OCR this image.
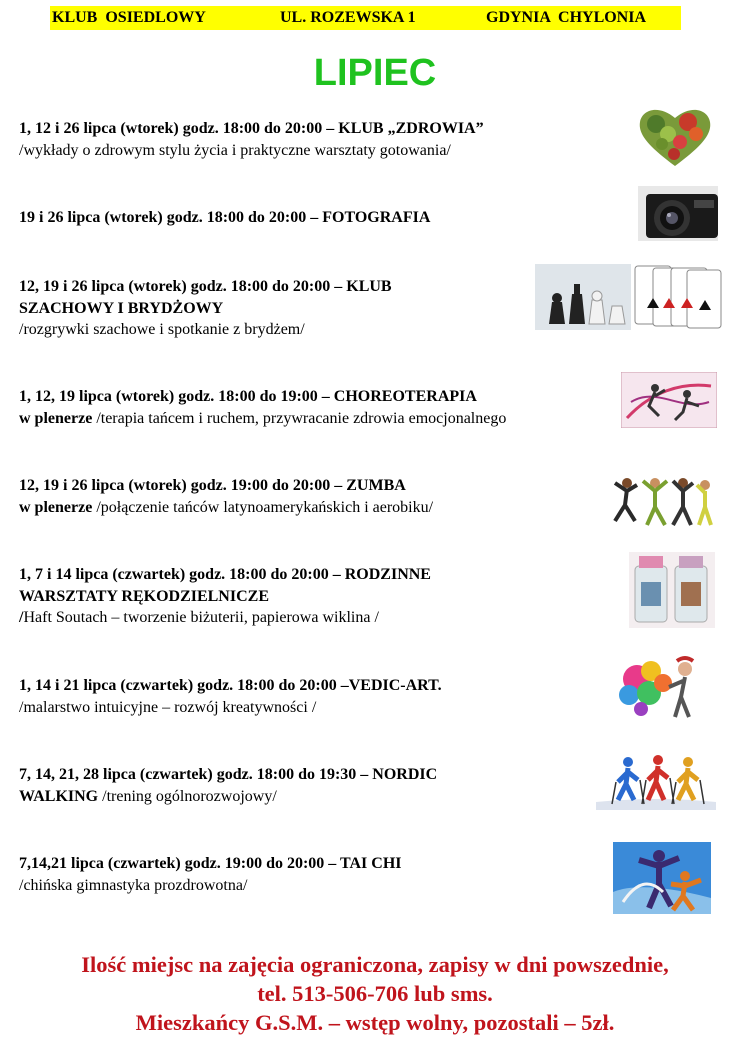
KLUB  OSIEDLOWY	UL. ROZEWSKA 1	GDYNIA  CHYLONIA
LIPIEC
1, 12 i 26 lipca (wtorek) godz. 18:00 do 20:00 – KLUB „ZDROWIA”
/wykłady o zdrowym stylu życia i praktyczne warsztaty gotowania/
19 i 26 lipca (wtorek) godz. 18:00 do 20:00 – FOTOGRAFIA
12, 19 i 26 lipca (wtorek) godz. 18:00 do 20:00 – KLUB
SZACHOWY I BRYDŻOWY
/rozgrywki szachowe i spotkanie z brydżem/
1, 12, 19 lipca (wtorek) godz. 18:00 do 19:00 – CHOREOTERAPIA
w plenerze /terapia tańcem i ruchem, przywracanie zdrowia emocjonalnego
12, 19 i 26 lipca (wtorek) godz. 19:00 do 20:00 – ZUMBA
w plenerze /połączenie tańców latynoamerykańskich i aerobiku/
1, 7 i 14 lipca (czwartek) godz. 18:00 do 20:00 – RODZINNE
WARSZTATY RĘKODZIELNICZE
/Haft Soutach – tworzenie biżuterii, papierowa wiklina /
1, 14 i 21 lipca (czwartek) godz. 18:00 do 20:00 –VEDIC-ART.
/malarstwo intuicyjne – rozwój kreatywności /
7, 14, 21, 28 lipca (czwartek) godz. 18:00 do 19:30 – NORDIC
WALKING /trening ogólnorozwojowy/
7,14,21 lipca (czwartek) godz. 19:00 do 20:00 – TAI CHI
/chińska gimnastyka prozdrowotna/
Ilość miejsc na zajęcia ograniczona, zapisy w dni powszednie,
tel. 513-506-706 lub sms.
Mieszkańcy G.S.M. – wstęp wolny, pozostali – 5zł.
